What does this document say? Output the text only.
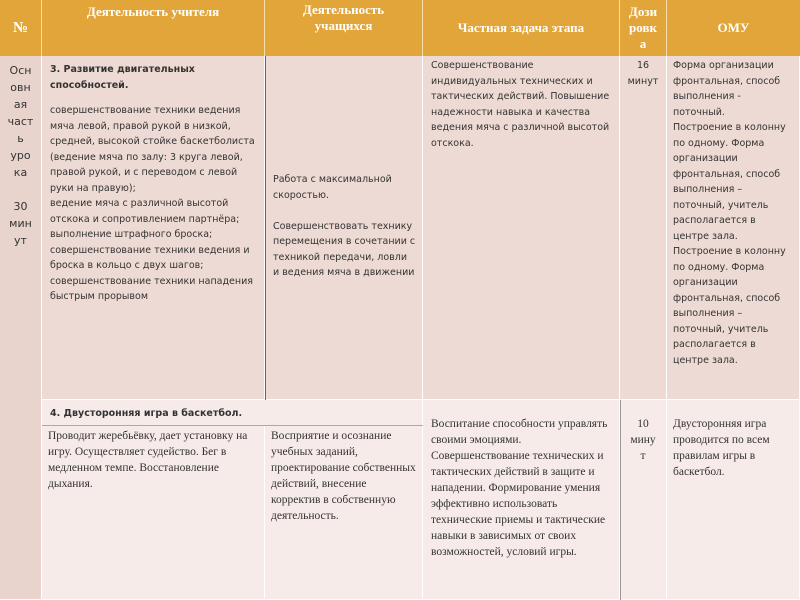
№
Деятельность учителя	Деятельность
учащихся	Частная задача этапа
Дози
ровк
а
ОМУ
Осн
овн
ая
част
ь
уро
ка

30
мин
ут
3. Развитие двигательных способностей.
совершенствование техники ведения мяча левой, правой рукой в низкой, средней, высокой стойке баскетболиста (ведение мяча по залу: 3 круга левой, правой рукой, и с переводом с левой руки на правую);
ведение мяча с различной высотой отскока и сопротивлением партнёра;
выполнение штрафного броска;
совершенствование техники ведения и броска в кольцо с двух шагов;
совершенствование техники нападения быстрым прорывом
Работа с максимальной скоростью.

Совершенствовать технику перемещения в сочетании с техникой передачи, ловли и ведения мяча в движении
Совершенствование индивидуальных технических и тактических действий. Повышение надежности навыка и качества ведения мяча с различной высотой отскока.
16
минут
Форма организации фронтальная, способ выполнения - поточный.
Построение в колонну по одному. Форма организации фронтальная, способ выполнения – поточный, учитель располагается в центре зала.
Построение в колонну по одному. Форма организации фронтальная, способ выполнения – поточный, учитель располагается в центре зала.
4. Двусторонняя игра в баскетбол.
Проводит жеребьёвку, дает установку на игру. Осуществляет судейство. Бег в медленном темпе. Восстановление дыхания.
Восприятие и осознание учебных заданий, проектирование собственных действий, внесение корректив в собственную деятельность.
Воспитание способности управлять своими эмоциями. Совершенствование технических и тактических действий в защите и нападении. Формирование умения эффективно использовать технические приемы и тактические навыки в зависимых от своих возможностей, условий игры.
10
мину
т
Двусторонняя игра проводится по всем правилам игры в баскетбол.
